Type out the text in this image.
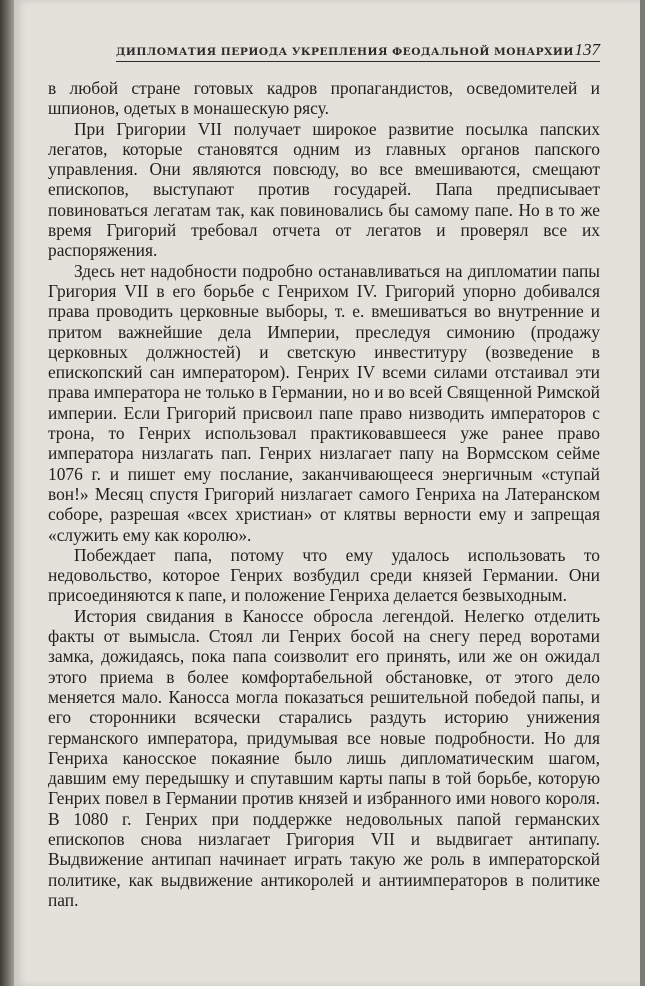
ДИПЛОМАТИЯ ПЕРИОДА УКРЕПЛЕНИЯ ФЕОДАЛЬНОЙ МОНАРХИИ 137

в любой стране готовых кадров пропагандистов, осведомителей и шпионов, одетых в монашескую рясу.

При Григории VII получает широкое развитие посылка папских легатов, которые становятся одним из главных органов папского управления. Они являются повсюду, во все вмешиваются, смещают епископов, выступают против государей. Папа предписывает повиноваться легатам так, как повиновались бы самому папе. Но в то же время Григорий требовал отчета от легатов и проверял все их распоряжения.

Здесь нет надобности подробно останавливаться на дипломатии папы Григория VII в его борьбе с Генрихом IV. Григорий упорно добивался права проводить церковные выборы, т. е. вмешиваться во внутренние и притом важнейшие дела Империи, преследуя симонию (продажу церковных должностей) и светскую инвеституру (возведение в епископский сан императором). Генрих IV всеми силами отстаивал эти права императора не только в Германии, но и во всей Священной Римской империи. Если Григорий присвоил папе право низводить императоров с трона, то Генрих использовал практиковавшееся уже ранее право императора низлагать пап. Генрих низлагает папу на Вормсском сейме 1076 г. и пишет ему послание, заканчивающееся энергичным «ступай вон!» Месяц спустя Григорий низлагает самого Генриха на Латеранском соборе, разрешая «всех христиан» от клятвы верности ему и запрещая «служить ему как королю».

Побеждает папа, потому что ему удалось использовать то недовольство, которое Генрих возбудил среди князей Германии. Они присоединяются к папе, и положение Генриха делается безвыходным.

История свидания в Каноссе обросла легендой. Нелегко отделить факты от вымысла. Стоял ли Генрих босой на снегу перед воротами замка, дожидаясь, пока папа соизволит его принять, или же он ожидал этого приема в более комфортабельной обстановке, от этого дело меняется мало. Каносса могла показаться решительной победой папы, и его сторонники всячески старались раздуть историю унижения германского императора, придумывая все новые подробности. Но для Генриха каносское покаяние было лишь дипломатическим шагом, давшим ему передышку и спутавшим карты папы в той борьбе, которую Генрих повел в Германии против князей и избранного ими нового короля. В 1080 г. Генрих при поддержке недовольных папой германских епископов снова низлагает Григория VII и выдвигает антипапу. Выдвижение антипап начинает играть такую же роль в императорской политике, как выдвижение антикоролей и антиимператоров в политике пап.
